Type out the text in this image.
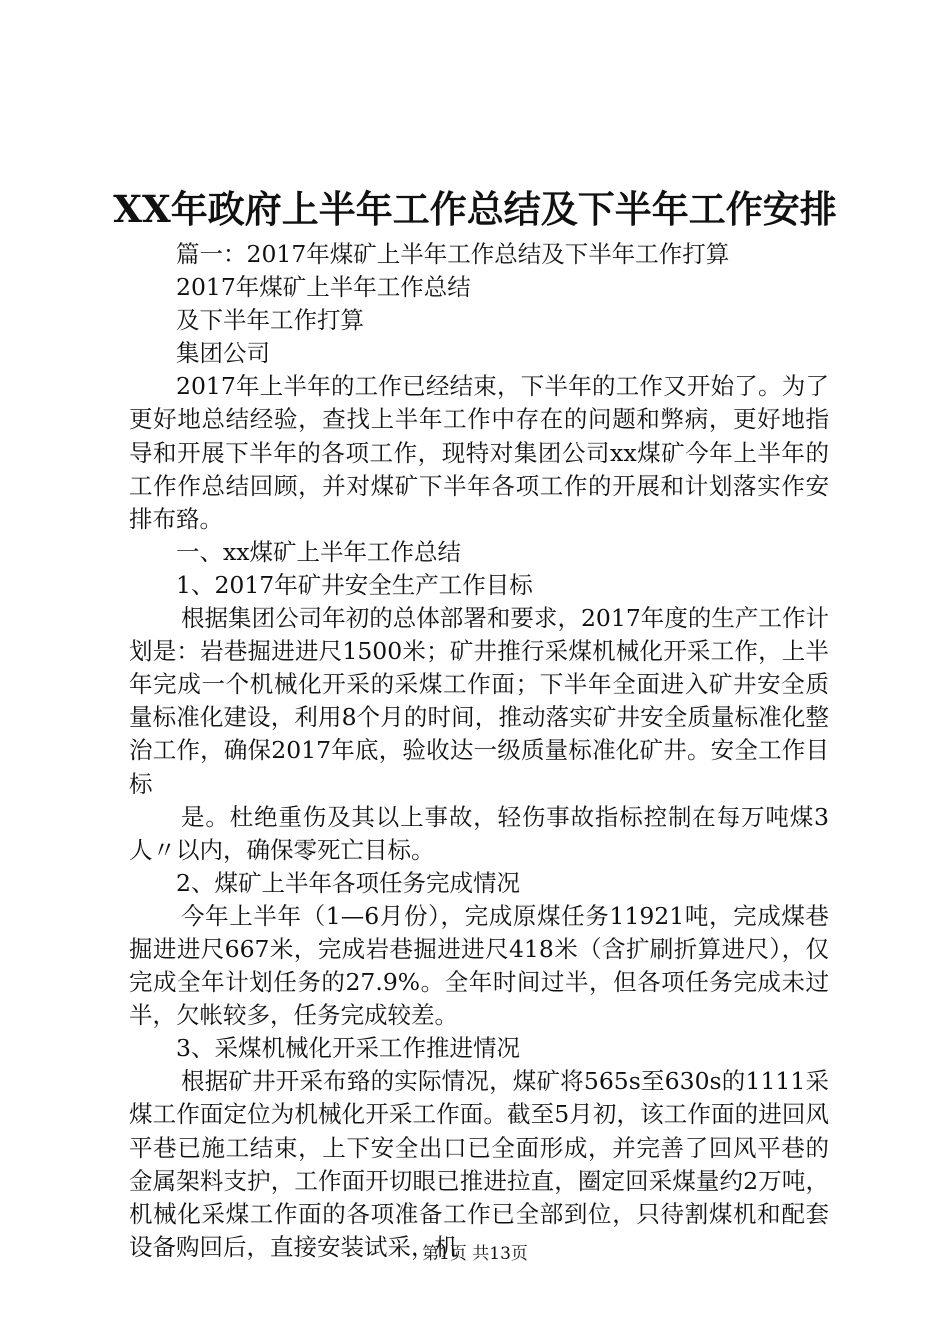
XX年政府上半年工作总结及下半年工作安排

篇一：2017年煤矿上半年工作总结及下半年工作打算

2017年煤矿上半年工作总结

及下半年工作打算

集团公司

2017年上半年的工作已经结束，下半年的工作又开始了。为了更好地总结经验，查找上半年工作中存在的问题和弊病，更好地指导和开展下半年的各项工作，现特对集团公司xx煤矿今年上半年的工作作总结回顾，并对煤矿下半年各项工作的开展和计划落实作安排布臵。

一、xx煤矿上半年工作总结

1、2017年矿井安全生产工作目标

根据集团公司年初的总体部署和要求，2017年度的生产工作计划是：岩巷掘进进尺1500米；矿井推行采煤机械化开采工作，上半年完成一个机械化开采的采煤工作面；下半年全面进入矿井安全质量标准化建设，利用8个月的时间，推动落实矿井安全质量标准化整治工作，确保2017年底，验收达一级质量标准化矿井。安全工作目标

是。杜绝重伤及其以上事故，轻伤事故指标控制在每万吨煤3人〃以内，确保零死亡目标。

2、煤矿上半年各项任务完成情况

今年上半年（1—6月份），完成原煤任务11921吨，完成煤巷掘进进尺667米，完成岩巷掘进进尺418米（含扩刷折算进尺），仅完成全年计划任务的27.9%。全年时间过半，但各项任务完成未过半，欠帐较多，任务完成较差。

3、采煤机械化开采工作推进情况

根据矿井开采布臵的实际情况，煤矿将565s至630s的1111采煤工作面定位为机械化开采工作面。截至5月初，该工作面的进回风平巷已施工结束，上下安全出口已全面形成，并完善了回风平巷的金属架料支护，工作面开切眼已推进拉直，圈定回采煤量约2万吨，机械化采煤工作面的各项准备工作已全部到位，只待割煤机和配套设备购回后，直接安装试采，机

第1页 共13页
